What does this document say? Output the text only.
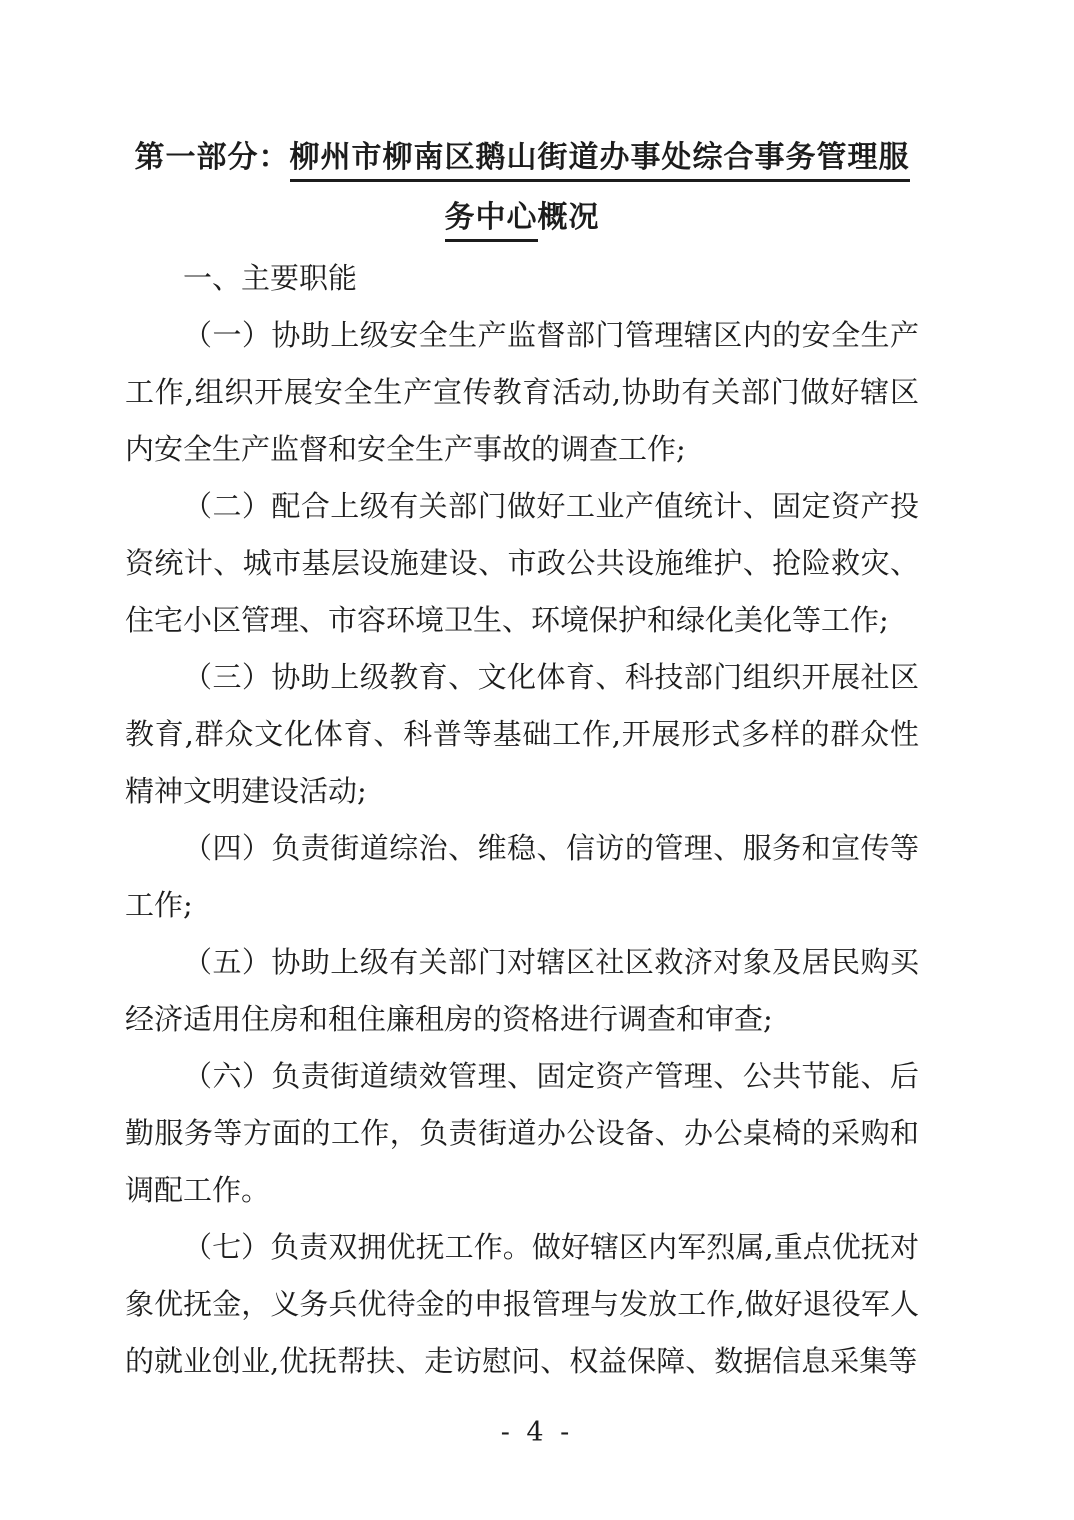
第一部分：柳州市柳南区鹅山街道办事处综合事务管理服
务中心概况
一、主要职能
（一）协助上级安全生产监督部门管理辖区内的安全生产工作,组织开展安全生产宣传教育活动,协助有关部门做好辖区内安全生产监督和安全生产事故的调查工作;
（二）配合上级有关部门做好工业产值统计、固定资产投资统计、城市基层设施建设、市政公共设施维护、抢险救灾、住宅小区管理、市容环境卫生、环境保护和绿化美化等工作;
（三）协助上级教育、文化体育、科技部门组织开展社区教育,群众文化体育、科普等基础工作,开展形式多样的群众性精神文明建设活动;
（四）负责街道综治、维稳、信访的管理、服务和宣传等工作;
（五）协助上级有关部门对辖区社区救济对象及居民购买经济适用住房和租住廉租房的资格进行调查和审查;
（六）负责街道绩效管理、固定资产管理、公共节能、后勤服务等方面的工作，负责街道办公设备、办公桌椅的采购和调配工作。
（七）负责双拥优抚工作。做好辖区内军烈属,重点优抚对象优抚金，义务兵优待金的申报管理与发放工作,做好退役军人的就业创业,优抚帮扶、走访慰问、权益保障、数据信息采集等
- 4 -
